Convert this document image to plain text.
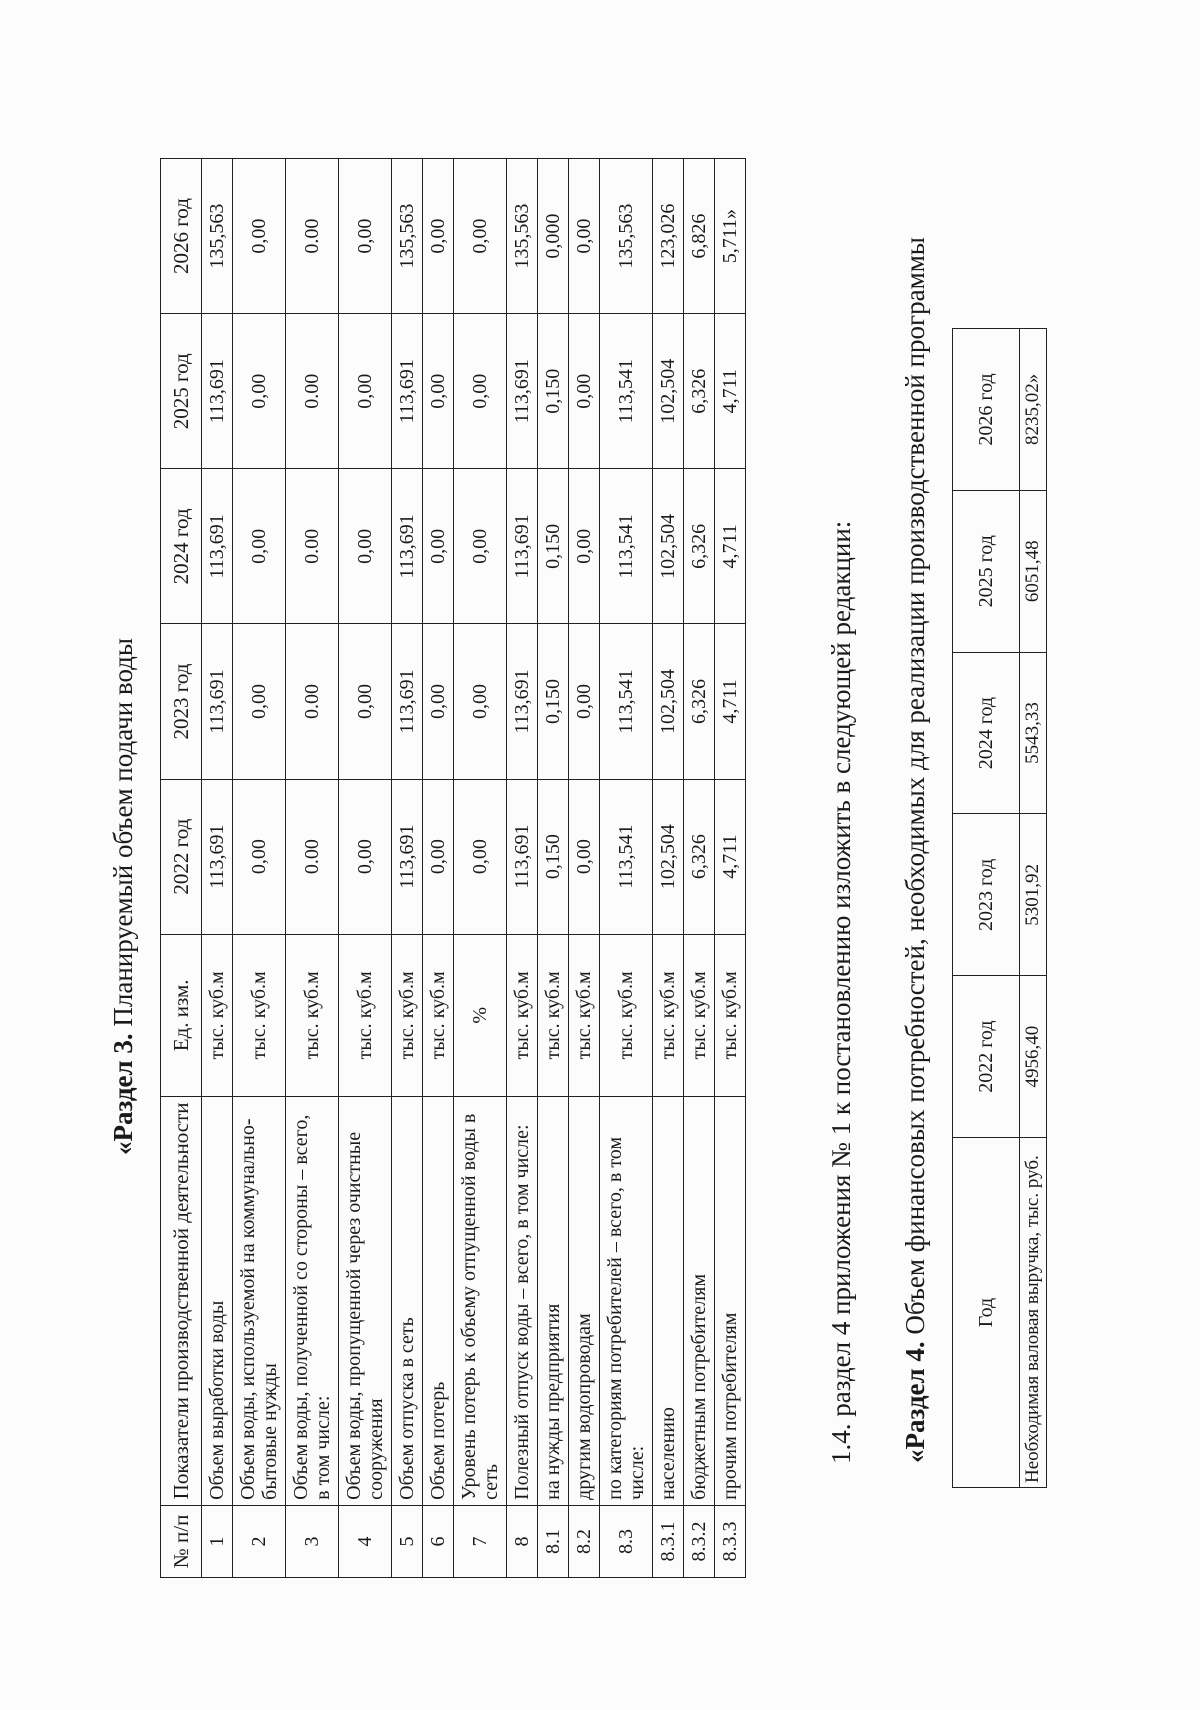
«Раздел 3. Планируемый объем подачи воды
№ п/п	Показатели производственной деятельности	Ед. изм.	2022 год	2023 год	2024 год	2025 год	2026 год
1	Объем выработки воды	тыс. куб.м	113,691	113,691	113,691	113,691	135,563
2	Объем воды, используемой на коммунально-бытовые нужды	тыс. куб.м	0,00	0,00	0,00	0,00	0,00
3	Объем воды, полученной со стороны – всего, в том числе:	тыс. куб.м	0.00	0.00	0.00	0.00	0.00
4	Объем воды, пропущенной через очистные сооружения	тыс. куб.м	0,00	0,00	0,00	0,00	0,00
5	Объем отпуска в сеть	тыс. куб.м	113,691	113,691	113,691	113,691	135,563
6	Объем потерь	тыс. куб.м	0,00	0,00	0,00	0,00	0,00
7	Уровень потерь к объему отпущенной воды в сеть	%	0,00	0,00	0,00	0,00	0,00
8	Полезный отпуск воды – всего, в том числе:	тыс. куб.м	113,691	113,691	113,691	113,691	135,563
8.1	на нужды предприятия	тыс. куб.м	0,150	0,150	0,150	0,150	0,000
8.2	другим водопроводам	тыс. куб.м	0,00	0,00	0,00	0,00	0,00
8.3	по категориям потребителей – всего, в том числе:	тыс. куб.м	113,541	113,541	113,541	113,541	135,563
8.3.1	населению	тыс. куб.м	102,504	102,504	102,504	102,504	123,026
8.3.2	бюджетным потребителям	тыс. куб.м	6,326	6,326	6,326	6,326	6,826
8.3.3	прочим потребителям	тыс. куб.м	4,711	4,711	4,711	4,711	5,711»
1.4. раздел 4 приложения № 1 к постановлению изложить в следующей редакции: «Раздел 4. Объем финансовых потребностей, необходимых для реализации производственной программы Год	2022 год	2023 год	2024 год	2025 год	2026 год
Необходимая валовая выручка, тыс. руб.	4956,40	5301,92	5543,33	6051,48	8235,02»
